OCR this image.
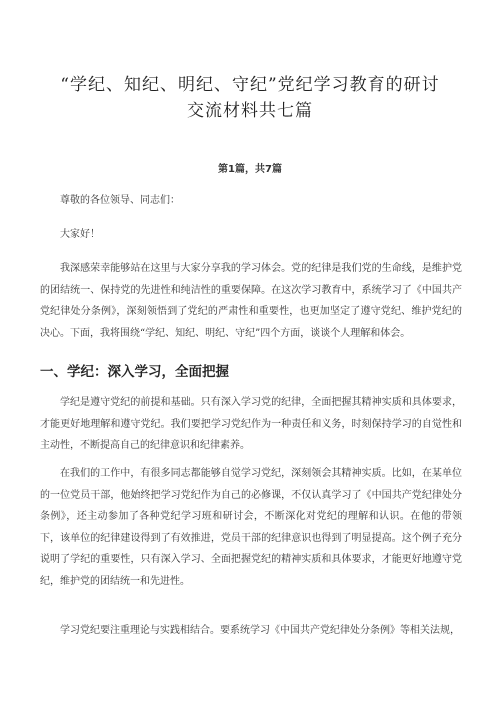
“学纪、知纪、明纪、守纪”党纪学习教育的研讨
交流材料共七篇
第1篇，共7篇

尊敬的各位领导、同志们：

大家好！

我深感荣幸能够站在这里与大家分享我的学习体会。党的纪律是我们党的生命线，是维护党的团结统一、保持党的先进性和纯洁性的重要保障。在这次学习教育中，系统学习了《中国共产党纪律处分条例》，深刻领悟到了党纪的严肃性和重要性，也更加坚定了遵守党纪、维护党纪的决心。下面，我将围绕“学纪、知纪、明纪、守纪”四个方面，谈谈个人理解和体会。

一、学纪：深入学习，全面把握

学纪是遵守党纪的前提和基础。只有深入学习党的纪律，全面把握其精神实质和具体要求，才能更好地理解和遵守党纪。我们要把学习党纪作为一种责任和义务，时刻保持学习的自觉性和主动性，不断提高自己的纪律意识和纪律素养。

在我们的工作中，有很多同志都能够自觉学习党纪，深刻领会其精神实质。比如，在某单位的一位党员干部，他始终把学习党纪作为自己的必修课，不仅认真学习了《中国共产党纪律处分条例》，还主动参加了各种党纪学习班和研讨会，不断深化对党纪的理解和认识。在他的带领下，该单位的纪律建设得到了有效推进，党员干部的纪律意识也得到了明显提高。这个例子充分说明了学纪的重要性，只有深入学习、全面把握党纪的精神实质和具体要求，才能更好地遵守党纪，维护党的团结统一和先进性。

学习党纪要注重理论与实践相结合。要系统学习《中国共产党纪律处分条例》等相关法规，
